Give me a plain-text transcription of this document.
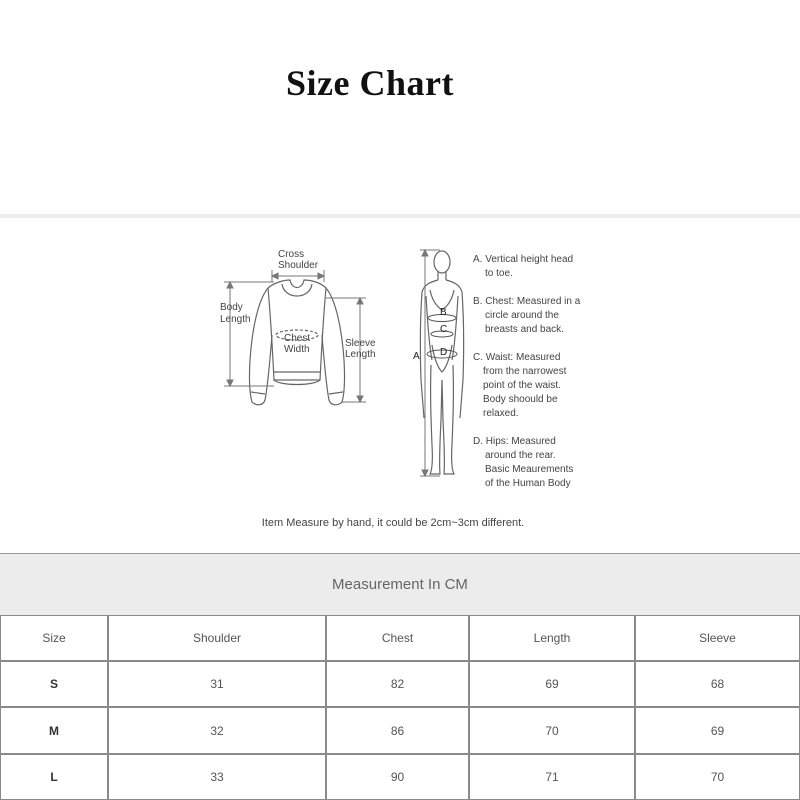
Size Chart
Cross
Shoulder
Body
Length
Chest
Width
Sleeve
Length	A
B
C
D
A. Vertical height head
to toe.
B. Chest: Measured in a
circle around the
breasts and back.
C. Waist: Measured
from the narrowest
point of the waist.
Body shoould be
relaxed.
D. Hips: Measured
around the rear.
Basic Meaurements
of the Human Body
Item Measure by hand, it could be 2cm~3cm different.
Measurement In CM				
Size	Shoulder	Chest	Length	Sleeve
S	31	82	69	68
M	32	86	70	69
L	33	90	71	70
